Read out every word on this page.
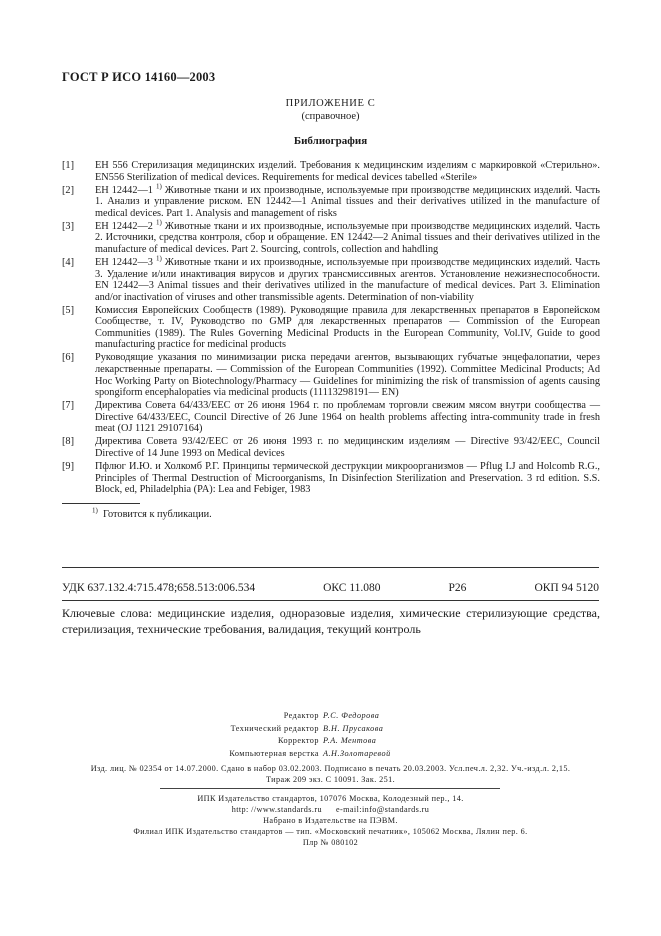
ГОСТ Р ИСО 14160—2003
ПРИЛОЖЕНИЕ С
(справочное)
Библиография
[1]	ЕН 556 Стерилизация медицинских изделий. Требования к медицинским изделиям с маркировкой «Стерильно». EN556 Sterilization of medical devices. Requirements for medical devices tabelled «Sterile»
[2]	ЕН 12442—1 $^{1)}$ Животные ткани и их производные, используемые при производстве медицинских изделий. Часть 1. Анализ и управление риском. EN 12442—1 Animal tissues and their derivatives utilized in the manufacture of medical devices. Part 1. Analysis and management of risks
[3]	ЕН 12442—2 $^{1)}$ Животные ткани и их производные, используемые при производстве медицинских изделий. Часть 2. Источники, средства контроля, сбор и обращение. EN 12442—2 Animal tissues and their derivatives utilized in the manufacture of medical devices. Part 2. Sourcing, controls, collection and hahdling
[4]	ЕН 12442—3 $^{1)}$ Животные ткани и их производные, используемые при производстве медицинских изделий. Часть 3. Удаление и/или инактивация вирусов и других трансмиссивных агентов. Установление нежизнеспособности. EN 12442—3 Animal tissues and their derivatives utilized in the manufacture of medical devices. Part 3. Elimination and/or inactivation of viruses and other transmissible agents. Determination of non-viability
[5]	Комиссия Европейских Сообществ (1989). Руководящие правила для лекарственных препаратов в Европейском Сообществе, т. IV, Руководство по GMP для лекарственных препаратов — Commission of the European Communities (1989). The Rules Governing Medicinal Products in the European Community, Vol.IV, Guide to good manufacturing practice for medicinal products
[6]	Руководящие указания по минимизации риска передачи агентов, вызывающих губчатые энцефалопатии, через лекарственные препараты. — Commission of the European Communities (1992). Committee Medicinal Products; Ad Hoc Working Party on Biotechnology/Pharmacy — Guidelines for minimizing the risk of transmission of agents causing spongiform encephalopaties via medicinal products (11113298191— EN)
[7]	Директива Совета 64/433/EEC от 26 июня 1964 г. по проблемам торговли свежим мясом внутри сообщества — Directive 64/433/EEC, Council Directive of 26 June 1964 on health problems affecting intra-community trade in fresh meat (OJ 1121 29107164)
[8]	Директива Совета 93/42/ЕЕС от 26 июня 1993 г. по медицинским изделиям — Directive 93/42/EEC, Council Directive of 14 June 1993 on Medical devices
[9]	Пфлюг И.Ю. и Холкомб Р.Г. Принципы термической деструкции микроорганизмов — Pflug I.J and Holcomb R.G., Principles of Thermal Destruction of Microorganisms, In Disinfection Sterilization and Preservation. 3 rd edition. S.S. Block, ed, Philadelphia (PA): Lea and Febiger, 1983
$^{1)}$ Готовится к публикации.
УДК 637.132.4:715.478;658.513:006.534	ОКС 11.080	Р26	ОКП 94 5120
Ключевые слова: медицинские изделия, одноразовые изделия, химические стерилизующие средства, стерилизация, технические требования, валидация, текущий контроль
Редактор Р.С. Федорова
Технический редактор В.Н. Прусакова
Корректор Р.А. Ментова
Компьютерная верстка А.Н.Золотаревой
Изд. лиц. № 02354 от 14.07.2000. Сдано в набор 03.02.2003. Подписано в печать 20.03.2003. Усл.печ.л. 2,32. Уч.-изд.л. 2,15.
Тираж 209 экз. С 10091. Зак. 251.
ИПК Издательство стандартов, 107076 Москва, Колодезный пер., 14.
http: //www.standards.ru e-mail:info@standards.ru
Набрано в Издательстве на ПЭВМ.
Филиал ИПК Издательство стандартов — тип. «Московский печатник», 105062 Москва, Лялин пер. 6.
Плр № 080102
